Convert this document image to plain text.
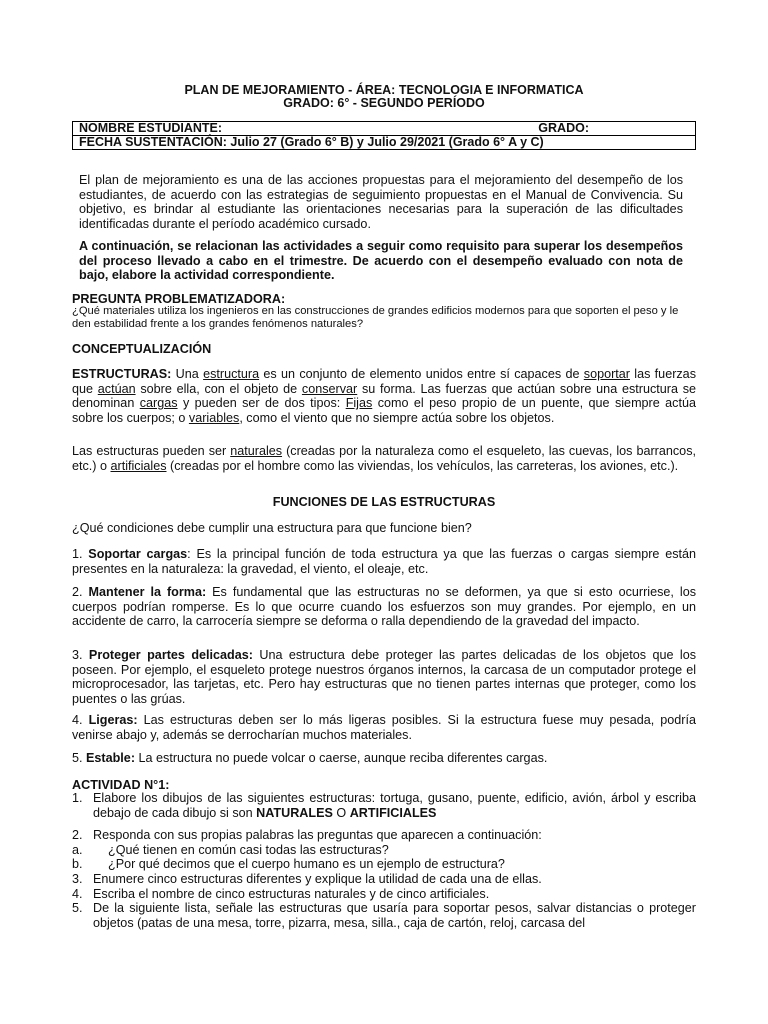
PLAN DE MEJORAMIENTO - ÁREA: TECNOLOGIA E INFORMATICA
GRADO: 6° - SEGUNDO PERÍODO
NOMBRE ESTUDIANTE:	GRADO:

FECHA SUSTENTACIÓN: Julio 27 (Grado 6° B) y Julio 29/2021 (Grado 6° A y C)
El plan de mejoramiento es una de las acciones propuestas para el mejoramiento del desempeño de los estudiantes, de acuerdo con las estrategias de seguimiento propuestas en el Manual de Convivencia. Su objetivo, es brindar al estudiante las orientaciones necesarias para la superación de las dificultades identificadas durante el período académico cursado.
A continuación, se relacionan las actividades a seguir como requisito para superar los desempeños del proceso llevado a cabo en el trimestre. De acuerdo con el desempeño evaluado con nota de bajo, elabore la actividad correspondiente.
PREGUNTA PROBLEMATIZADORA:
¿Qué materiales utiliza los ingenieros en las construcciones de grandes edificios modernos para que soporten el peso y le den estabilidad frente a los grandes fenómenos naturales?
CONCEPTUALIZACIÓN
ESTRUCTURAS: Una estructura es un conjunto de elemento unidos entre sí capaces de soportar las fuerzas que actúan sobre ella, con el objeto de conservar su forma. Las fuerzas que actúan sobre una estructura se denominan cargas y pueden ser de dos tipos: Fijas como el peso propio de un puente, que siempre actúa sobre los cuerpos; o variables, como el viento que no siempre actúa sobre los objetos.
Las estructuras pueden ser naturales (creadas por la naturaleza como el esqueleto, las cuevas, los barrancos, etc.) o artificiales (creadas por el hombre como las viviendas, los vehículos, las carreteras, los aviones, etc.).
FUNCIONES DE LAS ESTRUCTURAS
¿Qué condiciones debe cumplir una estructura para que funcione bien?
1. Soportar cargas: Es la principal función de toda estructura ya que las fuerzas o cargas siempre están presentes en la naturaleza: la gravedad, el viento, el oleaje, etc.
2. Mantener la forma: Es fundamental que las estructuras no se deformen, ya que si esto ocurriese, los cuerpos podrían romperse. Es lo que ocurre cuando los esfuerzos son muy grandes. Por ejemplo, en un accidente de carro, la carrocería siempre se deforma o ralla dependiendo de la gravedad del impacto.
3. Proteger partes delicadas: Una estructura debe proteger las partes delicadas de los objetos que los poseen. Por ejemplo, el esqueleto protege nuestros órganos internos, la carcasa de un computador protege el microprocesador, las tarjetas, etc. Pero hay estructuras que no tienen partes internas que proteger, como los puentes o las grúas.
4. Ligeras: Las estructuras deben ser lo más ligeras posibles. Si la estructura fuese muy pesada, podría venirse abajo y, además se derrocharían muchos materiales.
5. Estable: La estructura no puede volcar o caerse, aunque reciba diferentes cargas.
ACTIVIDAD N°1:
1. Elabore los dibujos de las siguientes estructuras: tortuga, gusano, puente, edificio, avión, árbol y escriba debajo de cada dibujo si son NATURALES O ARTIFICIALES
2. Responda con sus propias palabras las preguntas que aparecen a continuación:
a. ¿Qué tienen en común casi todas las estructuras?
b. ¿Por qué decimos que el cuerpo humano es un ejemplo de estructura?
3. Enumere cinco estructuras diferentes y explique la utilidad de cada una de ellas.
4. Escriba el nombre de cinco estructuras naturales y de cinco artificiales.
5. De la siguiente lista, señale las estructuras que usaría para soportar pesos, salvar distancias o proteger objetos (patas de una mesa, torre, pizarra, mesa, silla., caja de cartón, reloj, carcasa del
